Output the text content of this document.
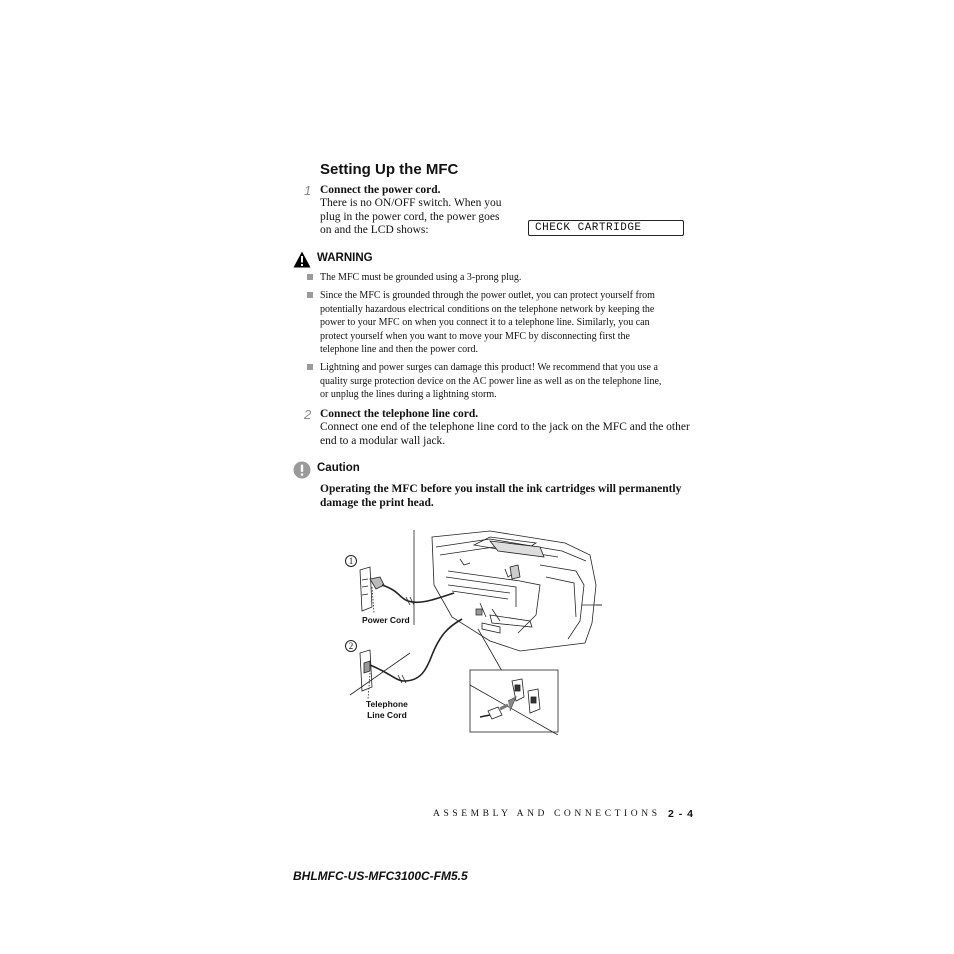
Setting Up the MFC
1 Connect the power cord.
There is no ON/OFF switch. When you
plug in the power cord, the power goes
on and the LCD shows:	CHECK CARTRIDGE
WARNING
The MFC must be grounded using a 3-prong plug.
Since the MFC is grounded through the power outlet, you can protect yourself from
potentially hazardous electrical conditions on the telephone network by keeping the
power to your MFC on when you connect it to a telephone line. Similarly, you can
protect yourself when you want to move your MFC by disconnecting first the
telephone line and then the power cord.
Lightning and power surges can damage this product! We recommend that you use a
quality surge protection device on the AC power line as well as on the telephone line,
or unplug the lines during a lightning storm.
2 Connect the telephone line cord.
Connect one end of the telephone line cord to the jack on the MFC and the other
end to a modular wall jack.
Caution
Operating the MFC before you install the ink cartridges will permanently
damage the print head.
1
2
Power Cord
Telephone
Line Cord
ASSEMBLY AND CONNECTIONS 2 - 4
BHLMFC-US-MFC3100C-FM5.5
